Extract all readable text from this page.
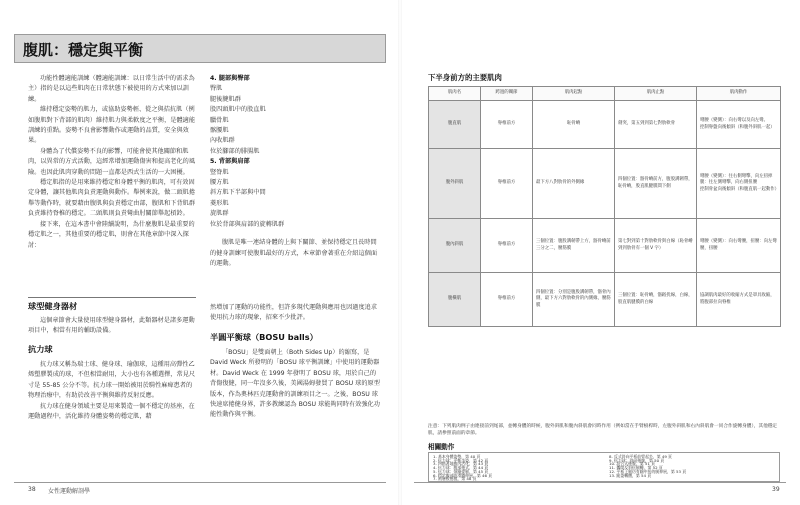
腹肌：穩定與平衡

功能性體適能訓練（體適能訓練：以日常生活中的需求為主）指的是以這些肌肉在日常狀態下被使用的方式來加以訓練。

維持穩定姿勢的肌力，或協助姿勢輕、從之與拮抗肌（例如腹肌對下背部的肌肉）維持肌力與柔軟度之平衡，是體適能訓練的重點。姿勢不良會影響動作或運動的品質，安全與效果。

身體為了代償姿勢不良的影響，可能會使其他關節和肌肉，以異常的方式活動，這經常增加運動傷害和提高老化的風險。也因此肌肉穿動的問題一直都是西式生活的一大困擾。

穩定肌指的是用來維持穩定和身體平衡的肌肉，可有效固定身體，讓其他肌肉負責運動與動作。舉例來說，做二頭肌捲舉等動作時，就要藉由腹肌與負責穩定由部，腹肌和下背肌群負責維持脊椎的穩定。二頭肌則負責彎曲肘關節舉起槓鈴。

接下來，在這本書中會陸續說明，為什麼腹肌是最重要的穩定肌之一，其他重要的穩定肌，則會在其他章節中深入探討：

4. 腿部與臀部
臀肌
腿後腱肌群
股四頭肌中的股直肌
臘骨肌
髂腰肌
內收肌群
位於腳部的腓腸肌
5. 背部與肩部
豎脊肌
腰方肌
斜方肌下半部與中間
菱形肌
旋肌群
位於背部與肩部的旋轉肌群

腹肌是唯一連結身體的上與下關節、並保持穩定且長時間的健身訓練可使腹肌最好的方式，本章節會著重在介紹這個面的運動。

球型健身器材

這個章節會大量使用球型健身器材，此類器材是諸多運動項目中，相當有用的輔助設備。

抗力球

抗力球又稱為瑞士球、健身球、瑜伽球，這種用高彈性乙烯塑膠製成的球，不但相當耐用，大小也有各種選擇，常見尺寸是 55-85 公分不等。抗力球一開始被用於騎性麻痺患者的物理治療中，有助於改善平衡與維持反射反應。

抗力球在健身領域主要是用來製造一個不穩定的基座，在運動過程中，活化維持身體姿勢的穩定肌，藉

然增加了運動的功能性，但許多現代運動與應用也因過度追求使用抗力球的現象，招來不少批評。

半圓平衡球（BOSU balls）

「BOSU」是雙面朝上（Both Sides Up）的縮寫，是 David Weck 所發明的「BOSU 球平衡訓練」中使用的運動器材。David Weck 在 1999 年發明了 BOSU 球，用於自己的背傷復健，同一年沒多久後，美國湯姆發買了 BOSU 球的原型版本，作為奧林匹克運動會的訓練項目之一。之後，BOSU 球快速席捲健身界，許多教練認為 BOSU 球能夠同時有效強化功能性動作與平衡。

38 女性運動解剖學
下半身前方的主要肌肉
肌肉名	跨過的關節	肌肉起點	肌肉止點	肌肉動作
腹直肌	脊椎前方	恥骨嵴	劍突，第五到到第七對肋軟骨	彎腰（變側）：向右彎以及向左彎。
控制脊盤向後傾斜（和腹外斜肌一起）
腹外斜肌	脊椎前方	最下方八對肋骨的外側緣	四個位置：髂骨嵴前方，腹股溝韌帶，恥骨嵴，股直肌腱膜間下側	彎腰（變側）：往右側彎擊，向左扭掉腿：往左側彎擊，向右側扭腰
控制骨盆向後傾斜（和腹直肌一起動作）
腹內斜肌	脊椎前方	三個位置：腹股溝韌帶上方，髂骨嵴前三分之二，腰筋膜	第七對到第十對肋軟骨與白線（恥骨嵴到到肋骨有一個 V 字）	彎腰（變側）：向右彎腰，扭腰：向左彎腰，扭腰
腹橫肌	脊椎前方	四個位置：分別是腹股溝韌帶，髂骨內側，最下方六對肋軟骨的內側緣，腰筋膜	三個位置：恥骨嵴，髂蹈扰線，白線，股直肌腱膜的白線	協調肌肉最好的收縮方式是罩具收縮，將腹部拉向脊椎
注意：下列肌肉例子由連接前到尾部，並轉身體的時候，腹外斜肌和腹內斜肌會同時作用（例如當在手臂槓桿時，左腹外斜肌和右內斜肌會一同合作旋轉身體），其他穩定肌，請參照前面的章節。
相關動作
1. 基本身體姿勢，第 40 頁
2. 抗力球：平衡坐姿，第 42 頁
3. 四點著地腹內活化，第 43 頁
4. 抗力球：腹部捲式，第 44 頁
5. 抗力球：煩躁提腿，第 45 頁
6. 穩定腹部的滑牆伸展，第 46 頁
7. 兩層板捲腹，第 48 頁
8. 反式斜向平板前臂起坐，第 49 頁
9. 抗力球：斜向捲腹，第 50 頁
10. 混合式捲腹，第 51 頁
11. 攜間反斜抗腿轉，第 52 頁
12. 平板上腿仿有翻中抬的腿伸展，第 53 頁
13. 跪姿轉體，第 54 頁
39
